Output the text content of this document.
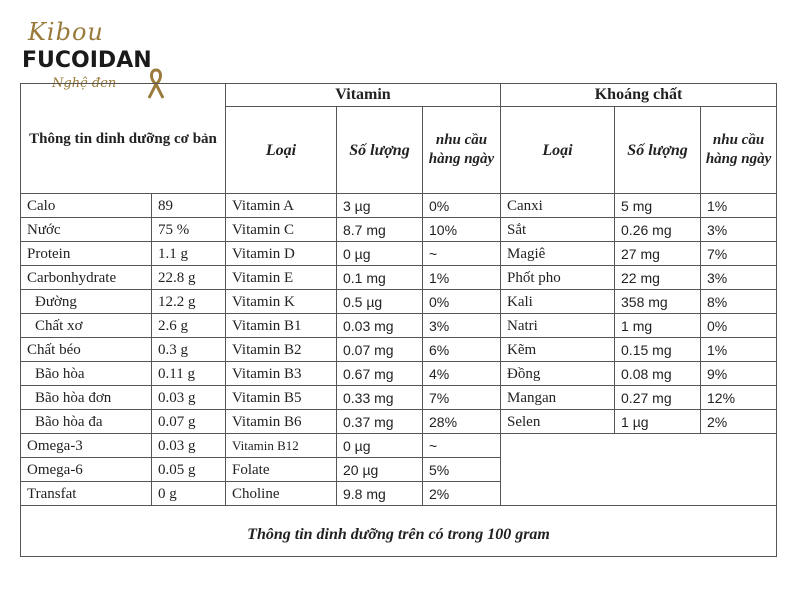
Kibou
FUCOIDAN
Nghệ đen
Thông tin dinh dưỡng cơ bản		Vitamin			Khoáng chất		
		Loại	Số lượng	nhu cầu hàng ngày	Loại	Số lượng	nhu cầu hàng ngày
Calo	89	Vitamin A	3 µg	0%	Canxi	5 mg	1%
Nước	75 %	Vitamin C	8.7 mg	10%	Sắt	0.26 mg	3%
Protein	1.1 g	Vitamin D	0 µg	~	Magiê	27 mg	7%
Carbonhydrate	22.8 g	Vitamin E	0.1 mg	1%	Phốt pho	22 mg	3%
Đường	12.2 g	Vitamin K	0.5 µg	0%	Kali	358 mg	8%
Chất xơ	2.6 g	Vitamin B1	0.03 mg	3%	Natri	1 mg	0%
Chất béo	0.3 g	Vitamin B2	0.07 mg	6%	Kẽm	0.15 mg	1%
Bão hòa	0.11 g	Vitamin B3	0.67 mg	4%	Đồng	0.08 mg	9%
Bão hòa đơn	0.03 g	Vitamin B5	0.33 mg	7%	Mangan	0.27 mg	12%
Bão hòa đa	0.07 g	Vitamin B6	0.37 mg	28%	Selen	1 µg	2%
Omega-3	0.03 g	Vitamin B12	0 µg	~			
Omega-6	0.05 g	Folate	20 µg	5%			
Transfat	0 g	Choline	9.8 mg	2%			
Thông tin dinh dưỡng trên có trong 100 gram							
